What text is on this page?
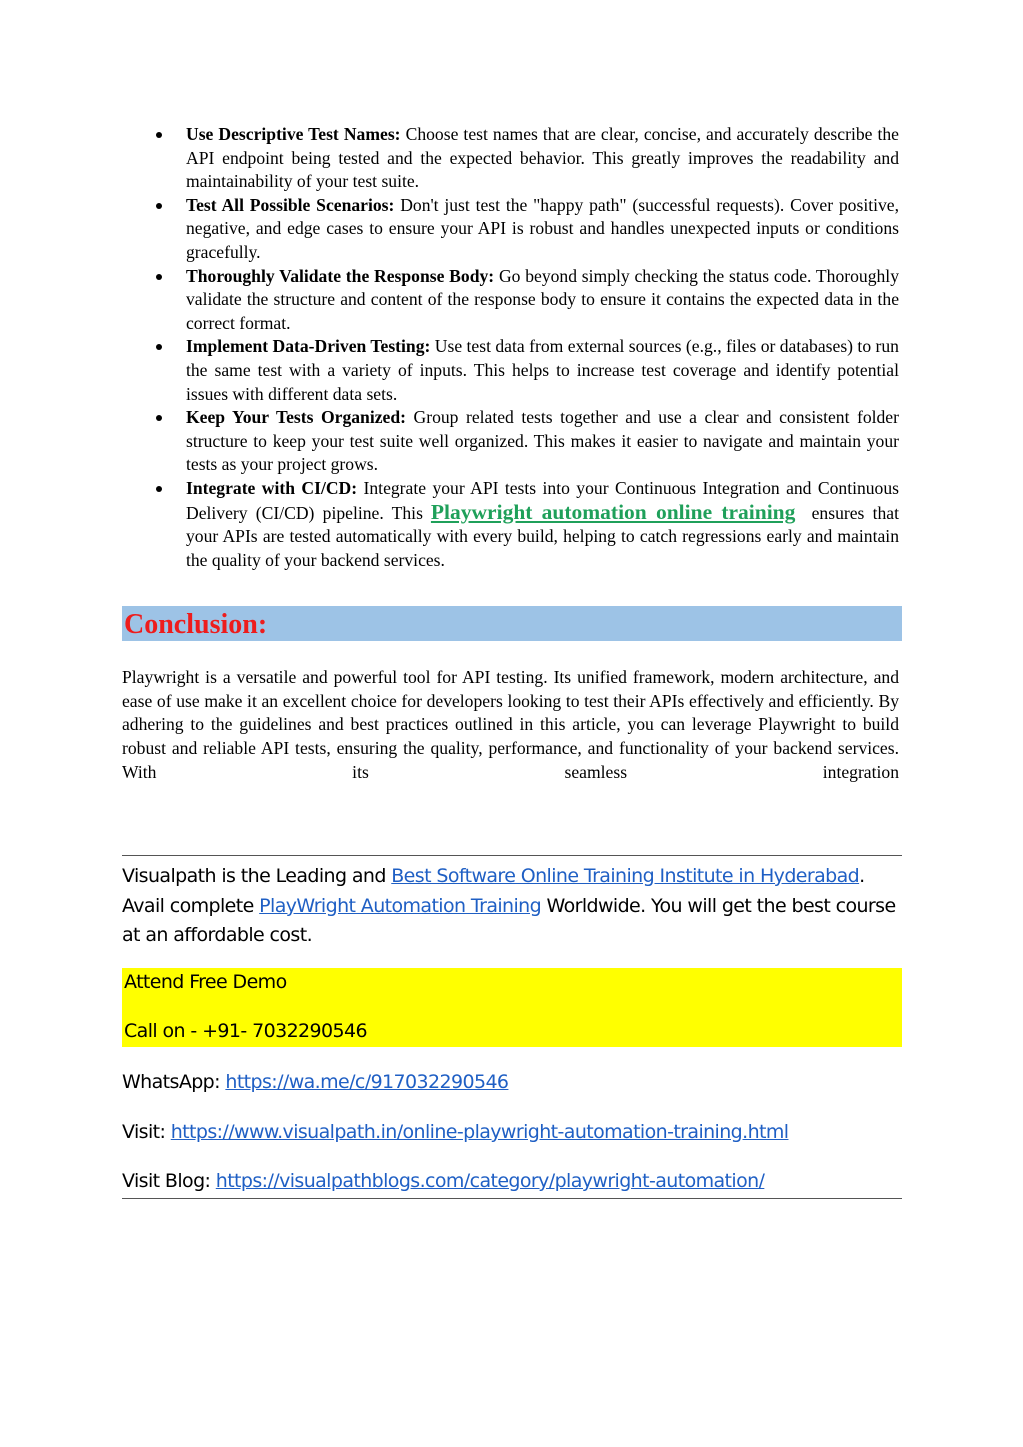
Use Descriptive Test Names: Choose test names that are clear, concise, and accurately describe the API endpoint being tested and the expected behavior. This greatly improves the readability and maintainability of your test suite.
Test All Possible Scenarios: Don't just test the "happy path" (successful requests). Cover positive, negative, and edge cases to ensure your API is robust and handles unexpected inputs or conditions gracefully.
Thoroughly Validate the Response Body: Go beyond simply checking the status code. Thoroughly validate the structure and content of the response body to ensure it contains the expected data in the correct format.
Implement Data-Driven Testing: Use test data from external sources (e.g., files or databases) to run the same test with a variety of inputs. This helps to increase test coverage and identify potential issues with different data sets.
Keep Your Tests Organized: Group related tests together and use a clear and consistent folder structure to keep your test suite well organized. This makes it easier to navigate and maintain your tests as your project grows.
Integrate with CI/CD: Integrate your API tests into your Continuous Integration and Continuous Delivery (CI/CD) pipeline. This Playwright automation online training ensures that your APIs are tested automatically with every build, helping to catch regressions early and maintain the quality of your backend services.
Conclusion:

Playwright is a versatile and powerful tool for API testing. Its unified framework, modern architecture, and ease of use make it an excellent choice for developers looking to test their APIs effectively and efficiently. By adhering to the guidelines and best practices outlined in this article, you can leverage Playwright to build robust and reliable API tests, ensuring the quality, performance, and functionality of your backend services. With its seamless integration

Visualpath is the Leading and Best Software Online Training Institute in Hyderabad. Avail complete PlayWright Automation Training Worldwide. You will get the best course at an affordable cost.
Attend Free Demo
Call on - +91- 7032290546
WhatsApp: https://wa.me/c/917032290546
Visit: https://www.visualpath.in/online-playwright-automation-training.html
Visit Blog: https://visualpathblogs.com/category/playwright-automation/
